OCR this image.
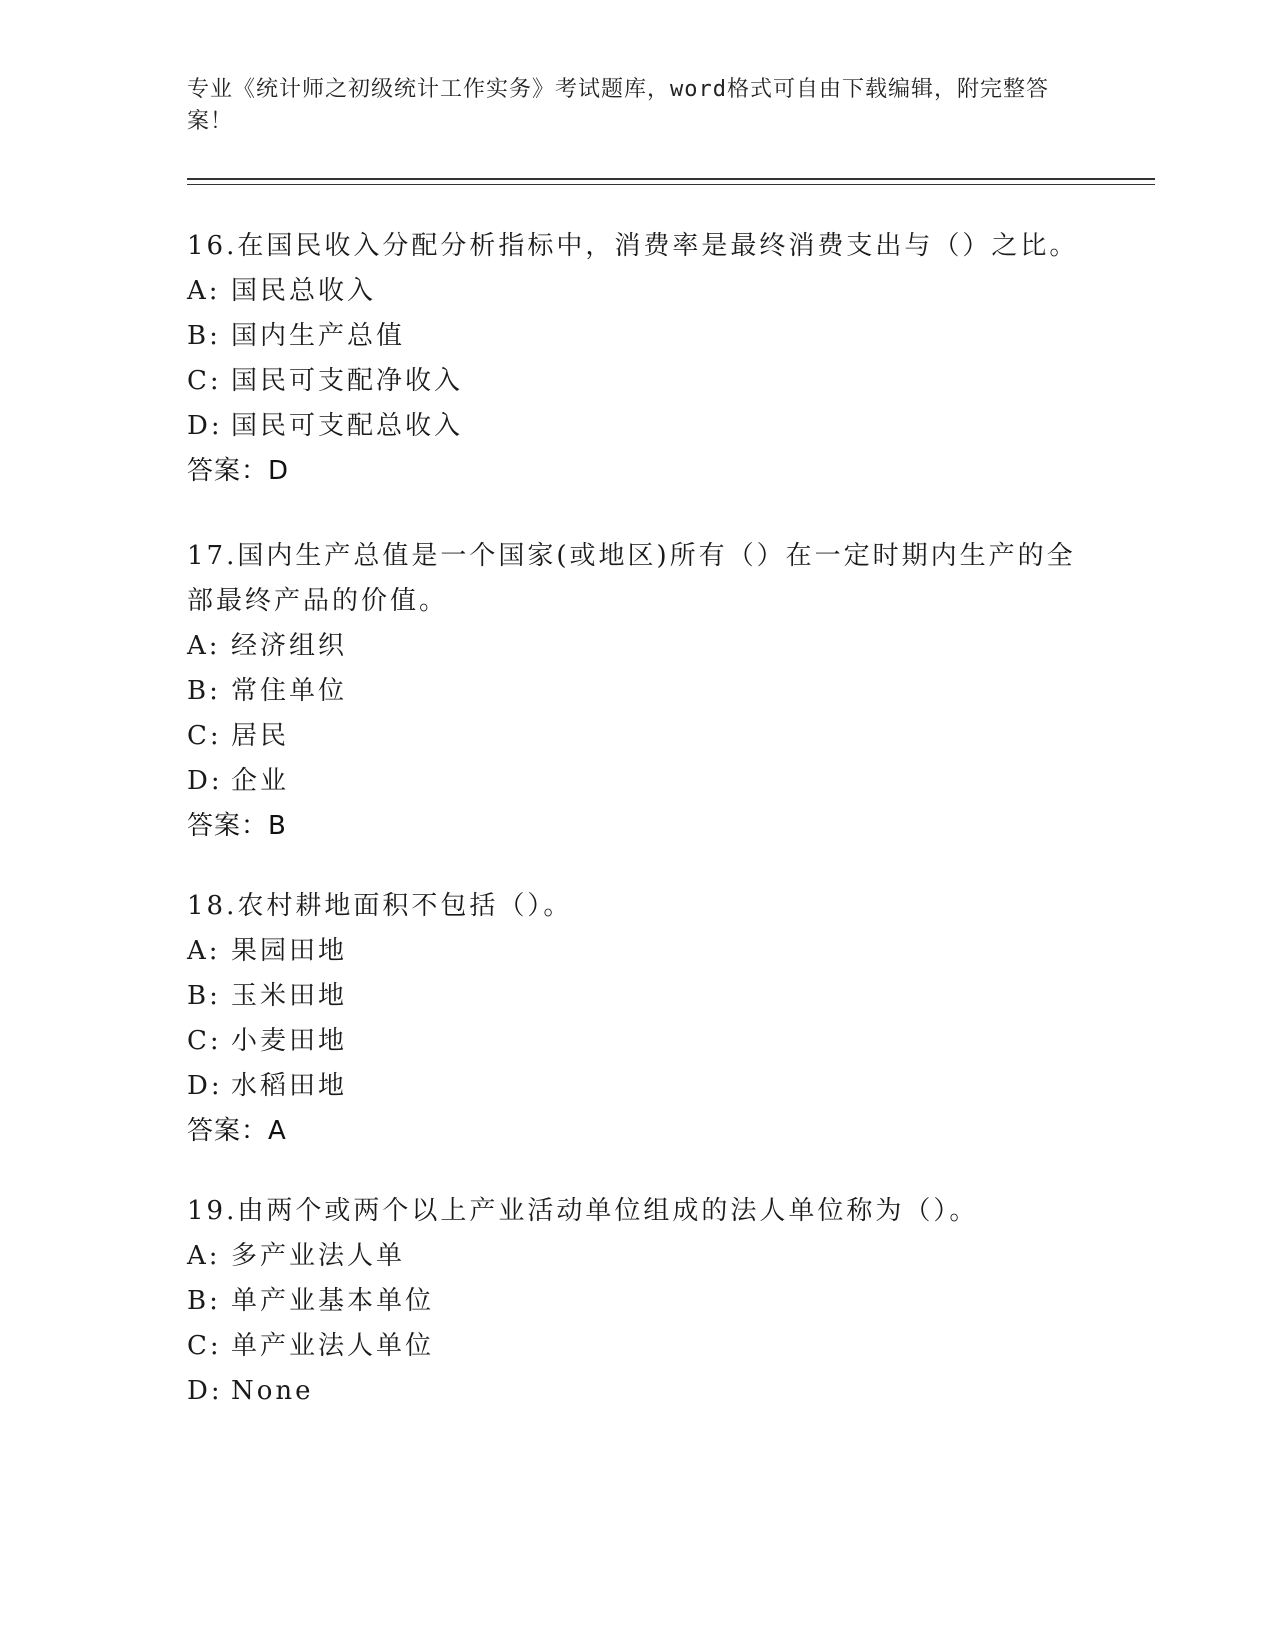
专业《统计师之初级统计工作实务》考试题库，word格式可自由下载编辑，附完整答案！

16.在国民收入分配分析指标中，消费率是最终消费支出与（）之比。

A: 国民总收入
B: 国内生产总值
C: 国民可支配净收入
D: 国民可支配总收入

答案：D

17.国内生产总值是一个国家(或地区)所有（）在一定时期内生产的全部最终产品的价值。

A: 经济组织
B: 常住单位
C: 居民
D: 企业

答案：B

18.农村耕地面积不包括（）。

A: 果园田地
B: 玉米田地
C: 小麦田地
D: 水稻田地

答案：A

19.由两个或两个以上产业活动单位组成的法人单位称为（）。

A: 多产业法人单
B: 单产业基本单位
C: 单产业法人单位
D: None
